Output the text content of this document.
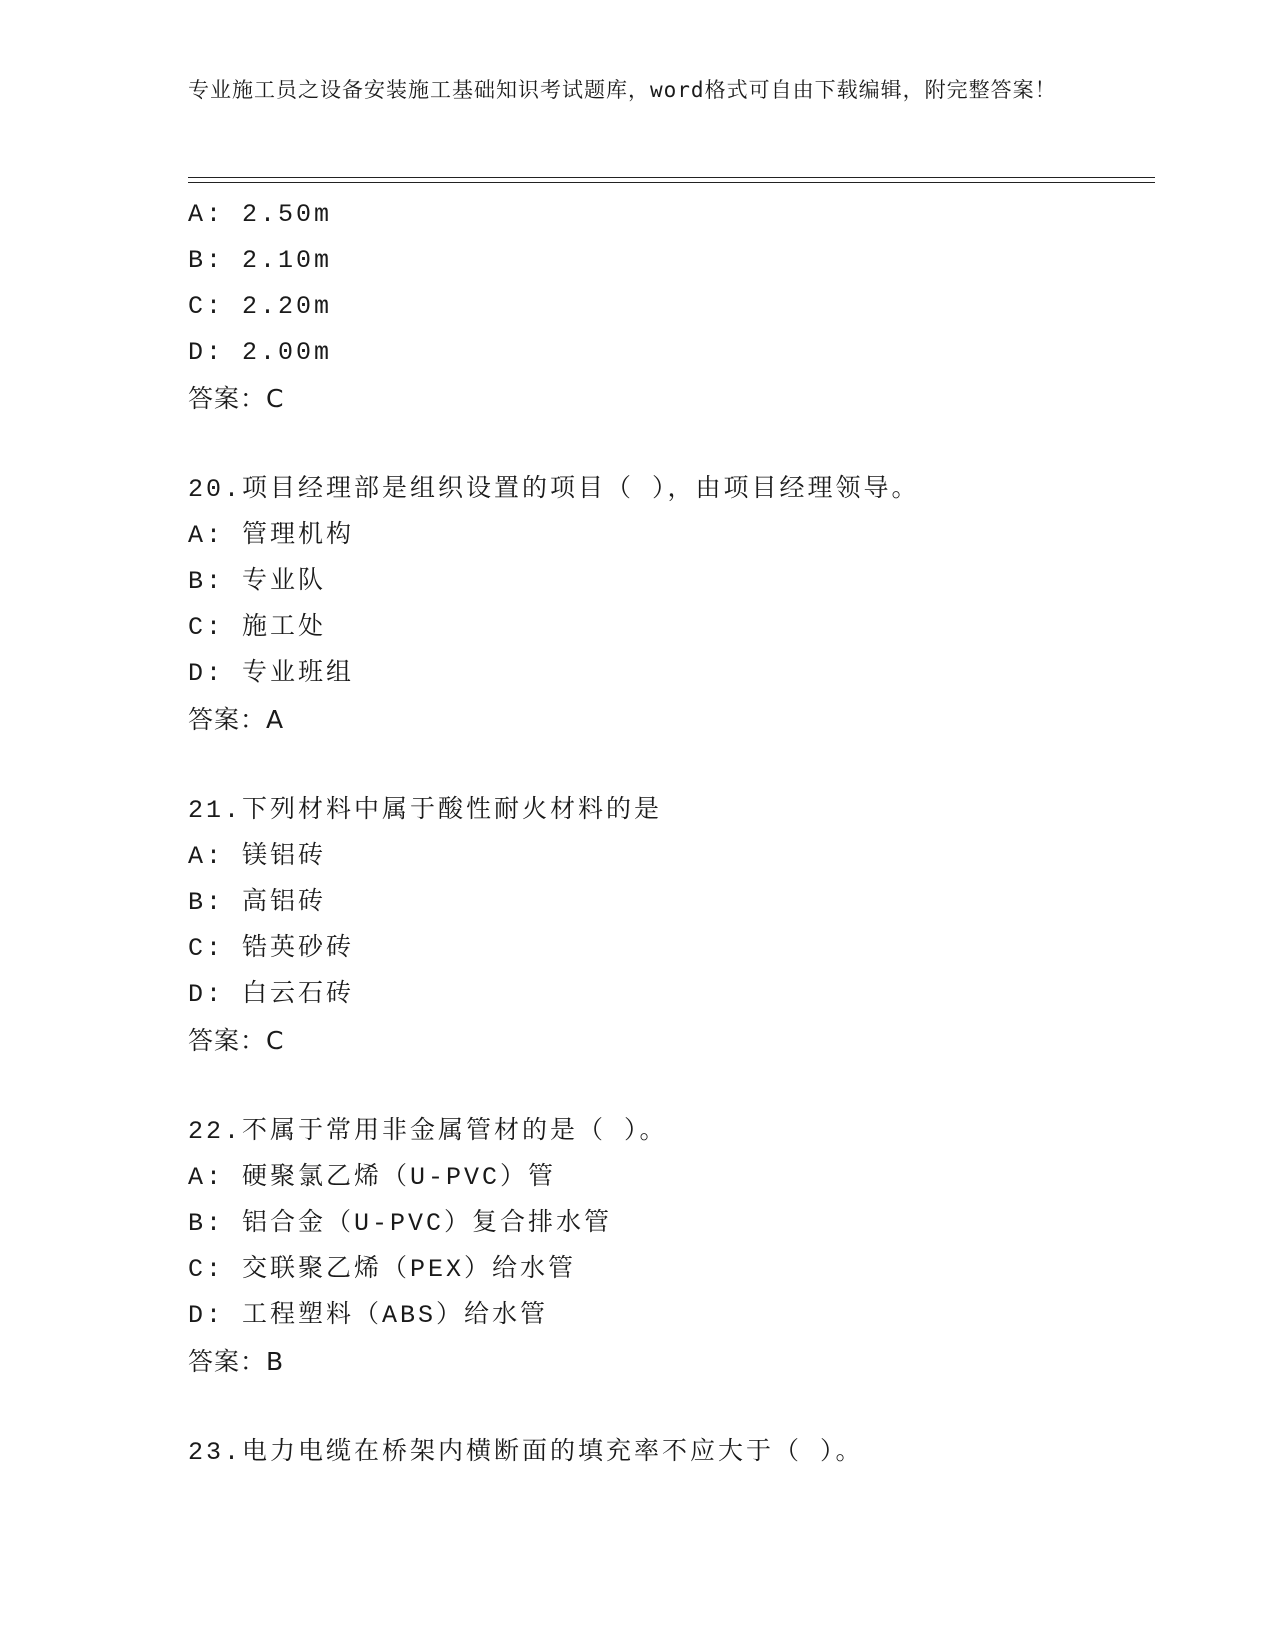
专业施工员之设备安装施工基础知识考试题库，word格式可自由下载编辑，附完整答案！
A: 2.50m
B: 2.10m
C: 2.20m
D: 2.00m
答案：C
20.项目经理部是组织设置的项目（ ），由项目经理领导。
A: 管理机构
B: 专业队
C: 施工处
D: 专业班组
答案：A
21.下列材料中属于酸性耐火材料的是
A: 镁铝砖
B: 高铝砖
C: 锆英砂砖
D: 白云石砖
答案：C
22.不属于常用非金属管材的是（ ）。
A: 硬聚氯乙烯（U-PVC）管
B: 铝合金（U-PVC）复合排水管
C: 交联聚乙烯（PEX）给水管
D: 工程塑料（ABS）给水管
答案：B
23.电力电缆在桥架内横断面的填充率不应大于（ ）。
